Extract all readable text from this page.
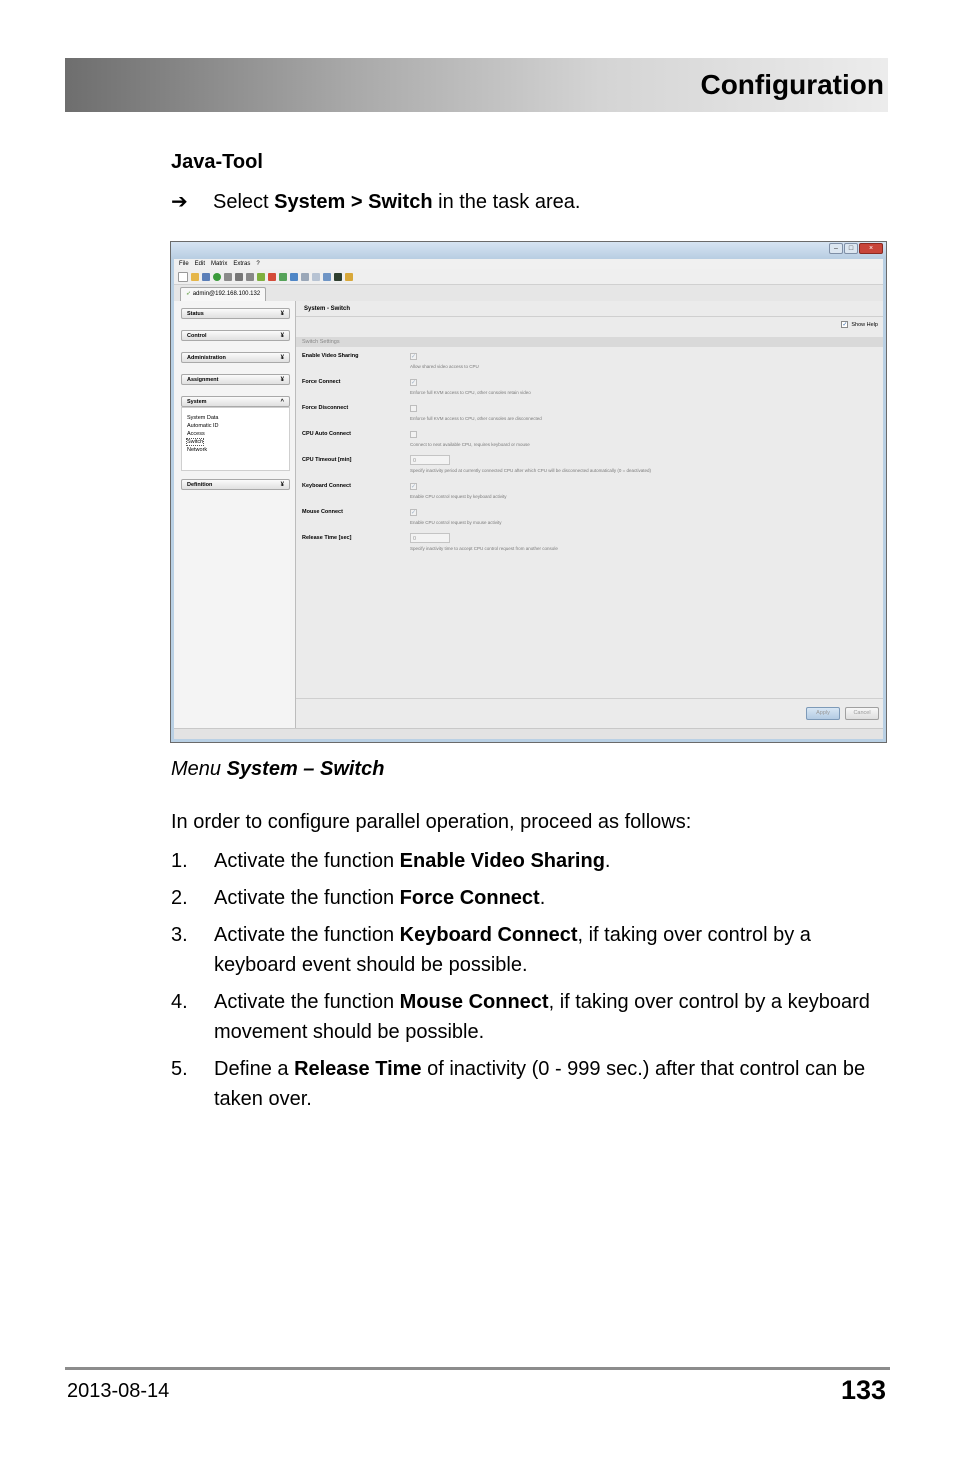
Configuration
Java-Tool
➔ Select System > Switch in the task area.
–	□	×
File Edit Matrix Extras ?
➶ admin@192.168.100.132
Status	¥
Control	¥
Administration	¥
Assignment	¥
System	^
System Data
Automatic ID
Access
Switch
Network
Definition	¥
System - Switch
✓ Show Help
Switch Settings
Enable Video Sharing	✓
Allow shared video access to CPU
Force Connect	✓
Enforce full KVM access to CPU, other consoles retain video
Force Disconnect
Enforce full KVM access to CPU, other consoles are disconnected
CPU Auto Connect
Connect to next available CPU, requires keyboard or mouse
CPU Timeout [min]	0
Specify inactivity period at currently connected CPU after which CPU will be disconnected automatically (0 = deactivated)
Keyboard Connect	✓
Enable CPU control request by keyboard activity
Mouse Connect	✓
Enable CPU control request by mouse activity
Release Time [sec]	0
Specify inactivity time to accept CPU control request from another console
Apply	Cancel
Menu System – Switch
In order to configure parallel operation, proceed as follows:
1. Activate the function Enable Video Sharing.
2. Activate the function Force Connect.
3. Activate the function Keyboard Connect, if taking over control by a keyboard event should be possible.
4. Activate the function Mouse Connect, if taking over control by a keyboard movement should be possible.
5. Define a Release Time of inactivity (0 - 999 sec.) after that control can be taken over.
2013-08-14	133
